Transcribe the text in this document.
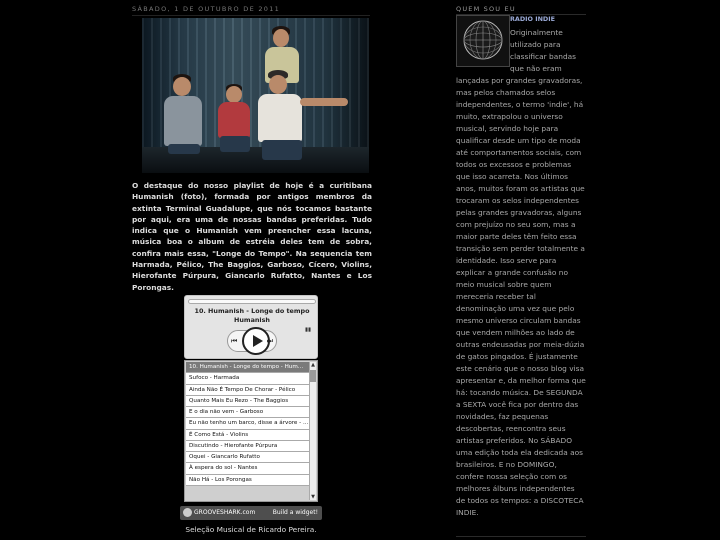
SÁBADO, 1 DE OUTUBRO DE 2011
O destaque do nosso playlist de hoje é a curitibana Humanish (foto), formada por antigos membros da extinta Terminal Guadalupe, que nós tocamos bastante por aqui, era uma de nossas bandas preferidas. Tudo indica que o Humanish vem preencher essa lacuna, música boa o album de estréia deles tem de sobra, confira mais essa, "Longe do Tempo". Na sequencia tem Harmada, Pélico, The Baggios, Garboso, Cícero, Violins, Hierofante Púrpura, Giancarlo Rufatto, Nantes e Los Porongas.
10. Humanish - Longe do tempo
Humanish
▮▮
⏮	⏭
10. Humanish - Longe do tempo - Hum...
Sufoco - Harmada
Ainda Não É Tempo De Chorar - Pélico
Quanto Mais Eu Rezo - The Baggios
E o dia não vem - Garboso
Eu não tenho um barco, disse a árvore - ...
É Como Está - Violins
Discutindo - Hierofante Púrpura
Oquei - Giancarlo Rufatto
À espera do sol - Nantes
Não Há - Los Porongas
▲
▼
GROOVESHARK.com	Build a widget!
Seleção Musical de Ricardo Pereira.
QUEM SOU EU
RADIO INDIE
Originalmente utilizado para classificar bandas que não eram lançadas por grandes gravadoras, mas pelos chamados selos independentes, o termo 'indie', há muito, extrapolou o universo musical, servindo hoje para qualificar desde um tipo de moda até comportamentos sociais, com todos os excessos e problemas que isso acarreta. Nos últimos anos, muitos foram os artistas que trocaram os selos independentes pelas grandes gravadoras, alguns com prejuízo no seu som, mas a maior parte deles têm feito essa transição sem perder totalmente a identidade. Isso serve para explicar a grande confusão no meio musical sobre quem mereceria receber tal denominação uma vez que pelo mesmo universo circulam bandas que vendem milhões ao lado de outras endeusadas por meia-dúzia de gatos pingados. É justamente este cenário que o nosso blog visa apresentar e, da melhor forma que há: tocando música. De SEGUNDA a SEXTA você fica por dentro das novidades, faz pequenas descobertas, reencontra seus artistas preferidos. No SÁBADO uma edição toda ela dedicada aos brasileiros. E no DOMINGO, confere nossa seleção com os melhores álbuns independentes de todos os tempos: a DISCOTECA INDIE.
